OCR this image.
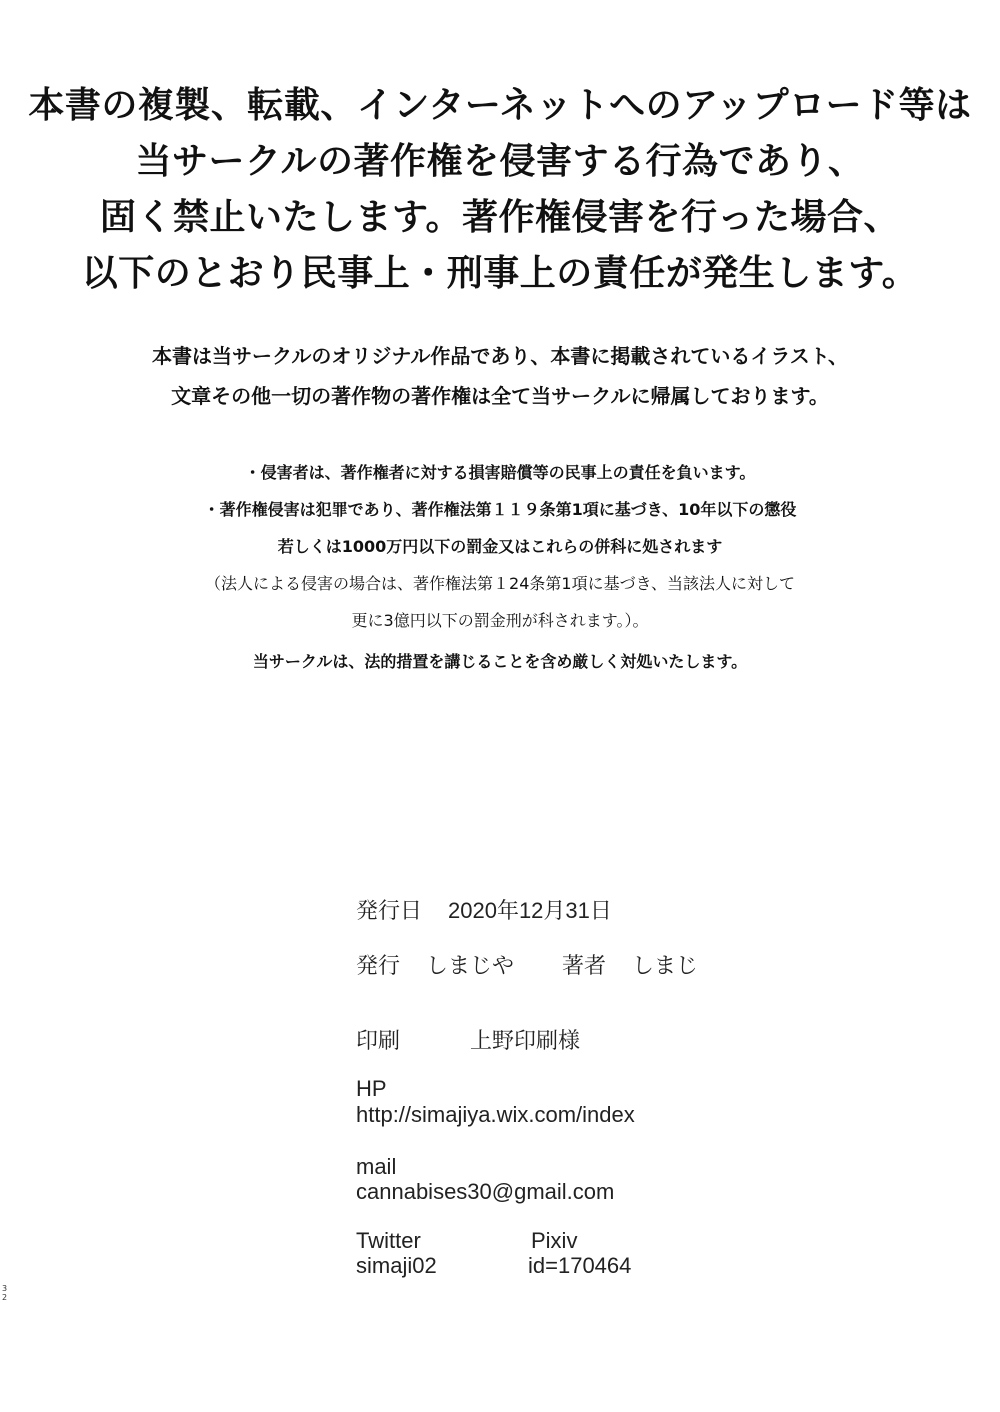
本書の複製、転載、インターネットへのアップロード等は
当サークルの著作権を侵害する行為であり、
固く禁止いたします。著作権侵害を行った場合、
以下のとおり民事上・刑事上の責任が発生します。
本書は当サークルのオリジナル作品であり、本書に掲載されているイラスト、
文章その他一切の著作物の著作権は全て当サークルに帰属しております。
・侵害者は、著作権者に対する損害賠償等の民事上の責任を負います。
・著作権侵害は犯罪であり、著作権法第１１９条第1項に基づき、10年以下の懲役
若しくは1000万円以下の罰金又はこれらの併科に処されます
（法人による侵害の場合は、著作権法第１24条第1項に基づき、当該法人に対して
更に3億円以下の罰金刑が科されます。）。
当サークルは、法的措置を講じることを含め厳しく対処いたします。
発行日 2020年12月31日
発行 しまじや 著者 しまじ
印刷	上野印刷様
HP
http://simajiya.wix.com/index
mail
cannabises30@gmail.com
Twitter
simaji02
Pixiv
id=170464
32
